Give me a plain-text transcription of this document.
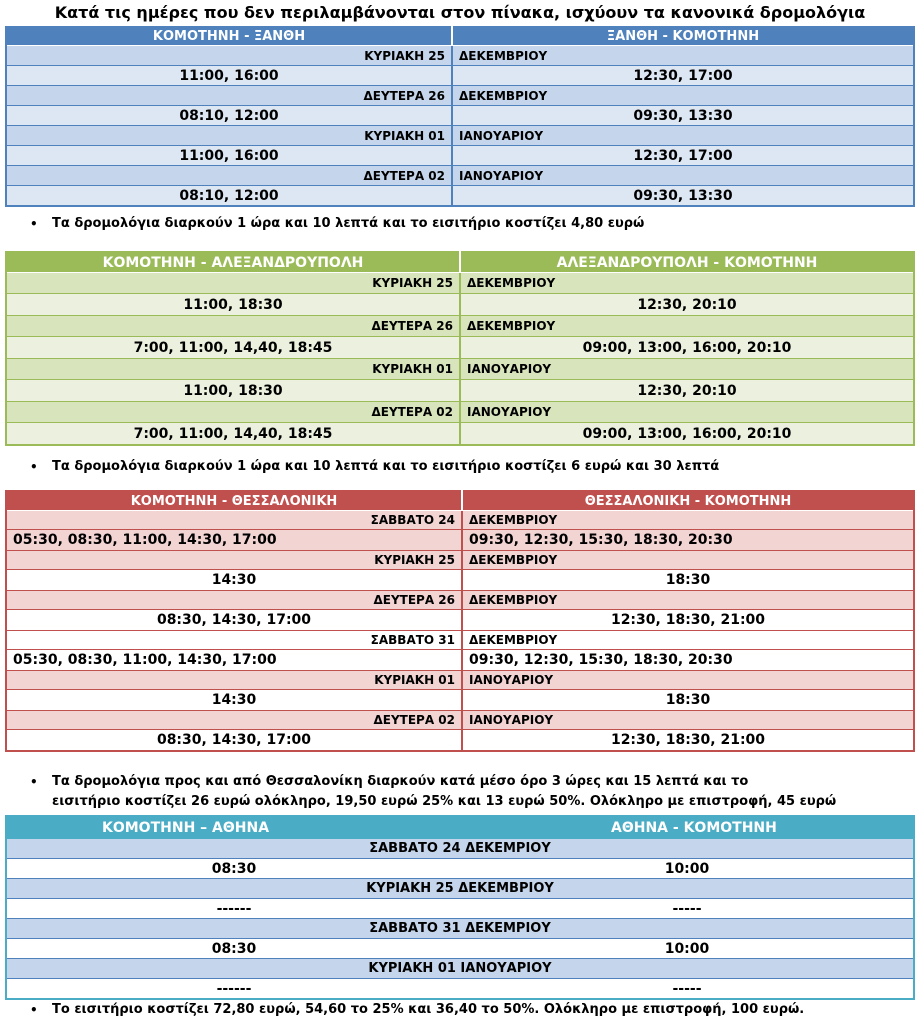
Κατά τις ημέρες που δεν περιλαμβάνονται στον πίνακα, ισχύουν τα κανονικά δρομολόγια
ΚΟΜΟΤΗΝΗ - ΞΑΝΘΗ	ΞΑΝΘΗ - ΚΟΜΟΤΗΝΗ
ΚΥΡΙΑΚΗ 25	ΔΕΚΕΜΒΡΙΟΥ
11:00, 16:00	12:30, 17:00
ΔΕΥΤΕΡΑ 26	ΔΕΚΕΜΒΡΙΟΥ
08:10, 12:00	09:30, 13:30
ΚΥΡΙΑΚΗ 01	ΙΑΝΟΥΑΡΙΟΥ
11:00, 16:00	12:30, 17:00
ΔΕΥΤΕΡΑ 02	ΙΑΝΟΥΑΡΙΟΥ
08:10, 12:00	09:30, 13:30
• Τα δρομολόγια διαρκούν 1 ώρα και 10 λεπτά και το εισιτήριο κοστίζει 4,80 ευρώ
ΚΟΜΟΤΗΝΗ - ΑΛΕΞΑΝΔΡΟΥΠΟΛΗ	ΑΛΕΞΑΝΔΡΟΥΠΟΛΗ - ΚΟΜΟΤΗΝΗ
ΚΥΡΙΑΚΗ 25	ΔΕΚΕΜΒΡΙΟΥ
11:00, 18:30	12:30, 20:10
ΔΕΥΤΕΡΑ 26	ΔΕΚΕΜΒΡΙΟΥ
7:00, 11:00, 14,40, 18:45	09:00, 13:00, 16:00, 20:10
ΚΥΡΙΑΚΗ 01	ΙΑΝΟΥΑΡΙΟΥ
11:00, 18:30	12:30, 20:10
ΔΕΥΤΕΡΑ 02	ΙΑΝΟΥΑΡΙΟΥ
7:00, 11:00, 14,40, 18:45	09:00, 13:00, 16:00, 20:10
• Τα δρομολόγια διαρκούν 1 ώρα και 10 λεπτά και το εισιτήριο κοστίζει 6 ευρώ και 30 λεπτά
ΚΟΜΟΤΗΝΗ - ΘΕΣΣΑΛΟΝΙΚΗ	ΘΕΣΣΑΛΟΝΙΚΗ - ΚΟΜΟΤΗΝΗ
ΣΑΒΒΑΤΟ 24	ΔΕΚΕΜΒΡΙΟΥ
05:30, 08:30, 11:00, 14:30, 17:00	09:30, 12:30, 15:30, 18:30, 20:30
ΚΥΡΙΑΚΗ 25	ΔΕΚΕΜΒΡΙΟΥ
14:30	18:30
ΔΕΥΤΕΡΑ 26	ΔΕΚΕΜΒΡΙΟΥ
08:30, 14:30, 17:00	12:30, 18:30, 21:00
ΣΑΒΒΑΤΟ 31	ΔΕΚΕΜΒΡΙΟΥ
05:30, 08:30, 11:00, 14:30, 17:00	09:30, 12:30, 15:30, 18:30, 20:30
ΚΥΡΙΑΚΗ 01	ΙΑΝΟΥΑΡΙΟΥ
14:30	18:30
ΔΕΥΤΕΡΑ 02	ΙΑΝΟΥΑΡΙΟΥ
08:30, 14:30, 17:00	12:30, 18:30, 21:00
• Τα δρομολόγια προς και από Θεσσαλονίκη διαρκούν κατά μέσο όρο 3 ώρες και 15 λεπτά και το
εισιτήριο κοστίζει 26 ευρώ ολόκληρο, 19,50 ευρώ 25% και 13 ευρώ 50%. Ολόκληρο με επιστροφή, 45 ευρώ
ΚΟΜΟΤΗΝΗ – ΑΘΗΝΑ	ΑΘΗΝΑ - ΚΟΜΟΤΗΝΗ
ΣΑΒΒΑΤΟ 24 ΔΕΚΕΜΡΙΟΥ	
08:30	10:00
ΚΥΡΙΑΚΗ 25 ΔΕΚΕΜΒΡΙΟΥ	
------	-----
ΣΑΒΒΑΤΟ 31 ΔΕΚΕΜΡΙΟΥ	
08:30	10:00
ΚΥΡΙΑΚΗ 01 ΙΑΝΟΥΑΡΙΟΥ	
------	-----
• Το εισιτήριο κοστίζει 72,80 ευρώ, 54,60 το 25% και 36,40 το 50%. Ολόκληρο με επιστροφή, 100 ευρώ.
